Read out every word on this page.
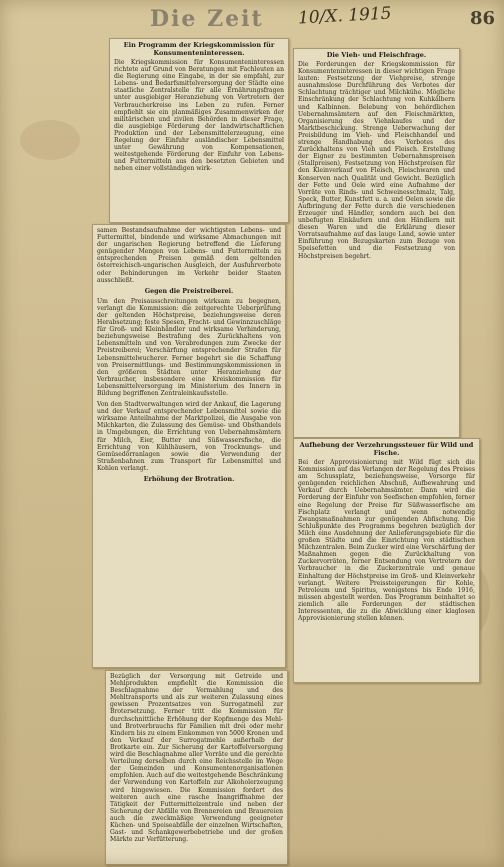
Die Zeit	10/X. 1915	86
Ein Programm der Kriegskommission für Konsumenteninteressen.
Die Kriegskommission für Konsumenteninteressen richtete auf Grund von Beratungen mit Fachleuten an die Regierung eine Eingabe, in der sie empfahl, zur Lebens- und Bedarfsmittelversorgung der Städte eine staatliche Zentralstelle für alle Ernährungsfragen unter ausgiebiger Heranziehung von Vertretern der Verbraucherkreise ins Leben zu rufen. Ferner empfiehlt sie ein planmäßiges Zusammenwirken der militärischen und zivilen Behörden in dieser Frage, die ausgiebige Förderung der landwirtschaftlichen Produktion und der Lebensmittelerzeugung, eine Regelung der Einfuhr ausländischer Lebensmittel unter Gewährung von Kompensationen, weitestgehende Förderung der Einfuhr von Lebens- und Futtermitteln aus den besetzten Gebieten und neben einer vollständigen wirk-
samen Bestandsaufnahme der wichtigsten Lebens- und Futtermittel, bindende und wirksame Abmachungen mit der ungarischen Regierung betreffend die Lieferung genügender Mengen von Lebens- und Futtermitteln zu entsprechenden Preisen gemäß dem geltenden österreichisch-ungarischen Ausgleich, der Ausfuhrverbote oder Behinderungen im Verkehr beider Staaten ausschließt.
Gegen die Preistreiberei.
Um den Preisausschreitungen wirksam zu begegnen, verlangt die Kommission: die zeitgerechte Ueberprüfung der geltenden Höchstpreise, beziehungsweise deren Herabsetzung; feste Spesen, Fracht- und Gewinnzuschläge für Groß- und Kleinhändler und wirksame Verhinderung, beziehungsweise Bestrafung des Zurückhaltens von Lebensmitteln und von Verabredungen zum Zwecke der Preistreiberei; Verschärfung entsprechender Strafen für Lebensmittelwucherer. Ferner begehrt sie die Schaffung von Preisermittlungs- und Bestimmungskommissionen in den größeren Städten unter Heranziehung der Verbraucher, insbesondere eine Kreiskommission für Lebensmittelversorgung im Ministerium des Innern in Bildung begriffenen Zentraleinkaufsstelle.
Von den Stadtverwaltungen wird der Ankauf, die Lagerung und der Verkauf entsprechender Lebensmittel sowie die wirksame Anteilnahme der Marktpolizei, die Ausgabe von Milchkarten, die Zulassung des Gemüse- und Obsthandels in Umgebungen, die Errichtung von Uebernahmsämtern für Milch, Eier, Butter und Süßwassersfische, die Errichtung von Kühlhäusern, von Trocknungs- und Gemüsedörranlagen sowie die Verwendung der Straßenbahnen zum Transport für Lebensmittel und Kohlen verlangt.
Erhöhung der Brotration.
Bezüglich der Versorgung mit Getreide und Mehlprodukten empfiehlt die Kommission die Beschlagnahme der Vermahlung und des Mehltransports und als zur weiteren Zulassung eines gewissen Prozentsatzes von Surrogatmehl zur Brotersetzung. Ferner tritt die Kommission für durchschnittliche Erhöhung der Kopfmenge des Mehl- und Brotverbrauchs für Familien mit drei oder mehr Kindern bis zu einem Einkommen von 5000 Kronen und den Verkauf der Surrogatmehle außerhalb der Brotkarte ein. Zur Sicherung der Kartoffelversorgung wird die Beschlagnahme aller Vorräte und die gerechte Verteilung derselben durch eine Reichsstelle im Wege der Gemeinden und Konsumentenorganisationen empfohlen. Auch auf die weitestgehende Beschränkung der Verwendung von Kartoffeln zur Alkoholerzeugung wird hingewiesen. Die Kommission fordert des weiteren auch eine rasche Inangriffnahme der Tätigkeit der Futtermittelzentrale und neben der Sicherung der Abfälle von Brennereien und Brauereien auch die zweckmäßige Verwendung geeigneter Küchen- und Speiseabfälle der einzelnen Wirtschaften, Gast- und Schankgewerbebetriebe und der großen Märkte zur Verfütterung.
Die Vieh- und Fleischfrage.
Die Forderungen der Kriegskommission für Konsumenteninteressen in dieser wichtigen Frage lauten: Festsetzung der Viehpreise, strenge ausnahmslose Durchführung des Verbotes der Schlachtung trächtiger und Milchkühe. Mögliche Einschränkung der Schlachtung von Kuhkälbern und Kalbinnen. Belebung von behördlichen Uebernahmsämtern auf den Fleischmärkten, Organisierung des Viehnkaufes und der Marktbeschickung. Strenge Ueberwachung der Preisbildung im Vieh- und Fleischhandel und strenge Handhabung des Verbotes des Zurückhaltens von Vieh und Fleisch. Erstellung der Eigner zu bestimmten Uebernahmspreisen (Stallpreisen), Festsetzung von Höchstpreisen für den Kleinverkauf von Fleisch, Fleischwaren und Konserven nach Qualität und Gewicht. Bezüglich der Fette und Oele wird eine Aufnahme der Vorräte von Rinds- und Schweinesschmalz, Talg, Speck, Butter, Kunstfett u. a. und Oelen sowie die Aufbringung der Fette durch die verschiedenen Erzeuger und Händler, sondern auch bei den unbefugten Einkäufern und den Händlern mit diesen Waren und die Erklärung dieser Vorratsaufnahme auf das lauge Land, sowie unter Einführung von Bezugskarten zum Bezuge von Speisefetten und die Festsetzung von Höchstpreisen begehrt.
Aufhebung der Verzehrungssteuer für Wild und Fische.
Bei der Approvisionierung mit Wild fügt sich die Kommission auf das Verlangen der Regelung des Preises am Schussplatz, beziehungsweise, Vorsorge für genügenden reichlichen Abschuß, Aufbewahrung und Verkauf durch Uebernahmsämter. Dann wird die Forderung der Einfuhr von Seefischen empfohlen, ferner eine Regelung der Preise für Süßwasserfische am Fischplatz verlangt und wenn notwendig Zwangsmaßnahmen zur genügenden Abfischung. Die Schlußpunkte des Programms begehren bezüglich der Milch eine Ausdehnung der Anlieferungsgebiete für die großen Städte und die Einrichtung von städtischen Milchzentralen. Beim Zucker wird eine Verschärfung der Maßnahmen gegen die Zurückhaltung von Zuckervorräten, ferner Entsendung von Vertretern der Verbraucher in die Zuckerzentrale und genaue Einhaltung der Höchstpreise im Groß- und Kleinverkehr verlangt. Weitere Preissteigerungen für Kohle, Petroleum und Spiritus, wenigstens bis Ende 1916, müssen abgestellt werden. Das Programm beinhaltet so ziemlich alle Forderungen der städtischen Interessenten, die zu die Abwicklung einer klaglosen Approvisionierung stellen können.
